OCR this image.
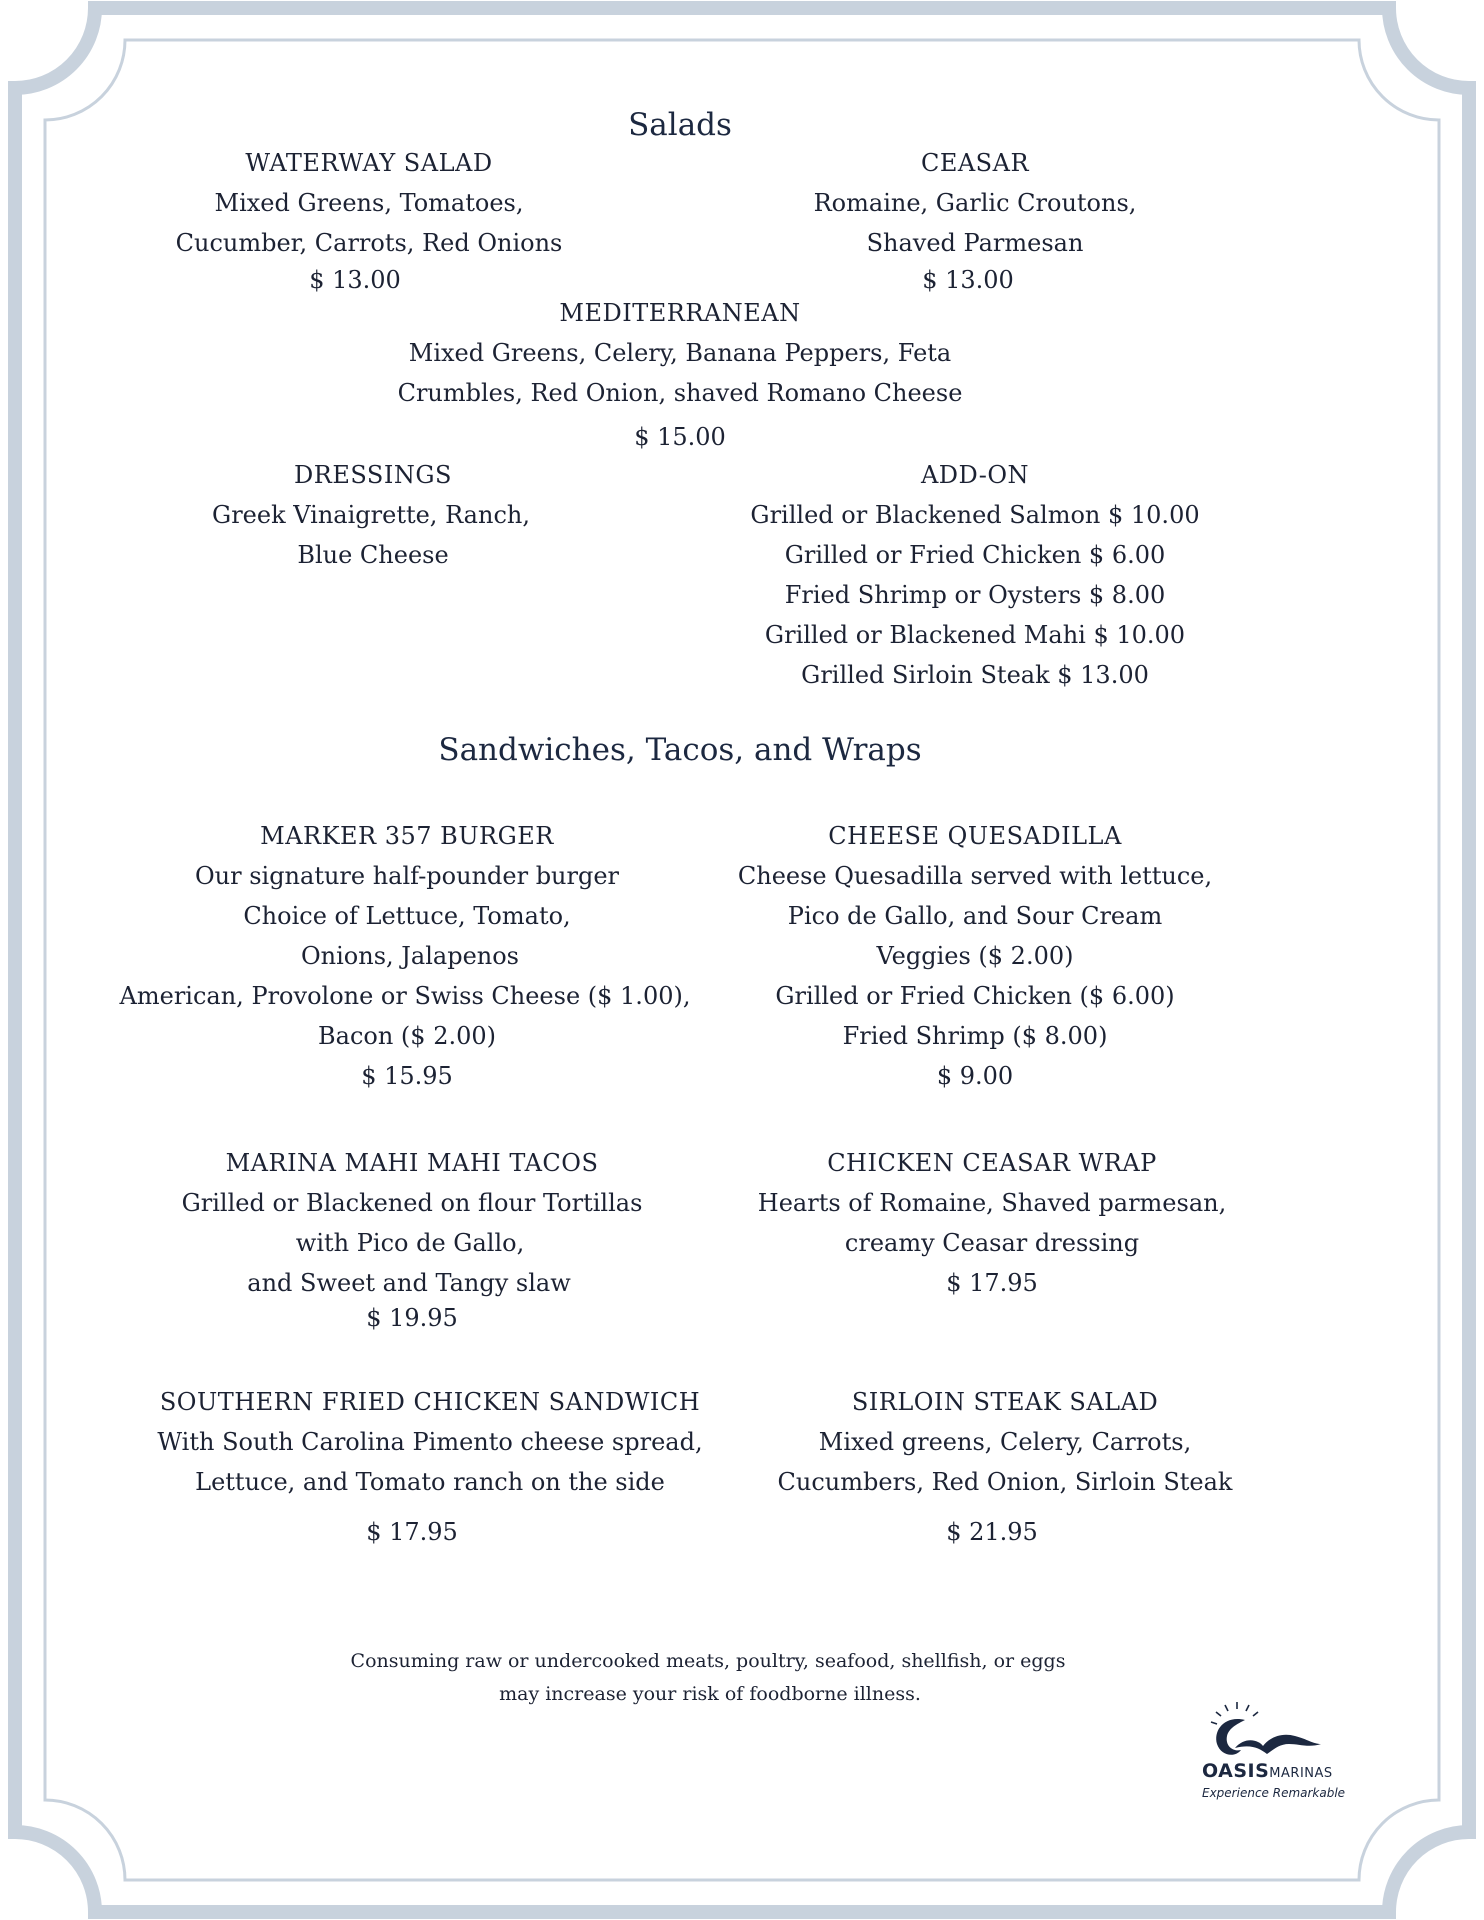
Salads
WATERWAY SALAD
Mixed Greens, Tomatoes,
Cucumber, Carrots, Red Onions
$ 13.00
CEASAR
Romaine, Garlic Croutons,
Shaved Parmesan
$ 13.00
MEDITERRANEAN
Mixed Greens, Celery, Banana Peppers, Feta
Crumbles, Red Onion, shaved Romano Cheese
$ 15.00
DRESSINGS
Greek Vinaigrette, Ranch,
Blue Cheese
ADD-ON
Grilled or Blackened Salmon $ 10.00
Grilled or Fried Chicken $ 6.00
Fried Shrimp or Oysters $ 8.00
Grilled or Blackened Mahi $ 10.00
Grilled Sirloin Steak $ 13.00
Sandwiches, Tacos, and Wraps
MARKER 357 BURGER
Our signature half-pounder burger
Choice of Lettuce, Tomato,
Onions, Jalapenos
American, Provolone or Swiss Cheese ($ 1.00),
Bacon ($ 2.00)
$ 15.95
CHEESE QUESADILLA
Cheese Quesadilla served with lettuce,
Pico de Gallo, and Sour Cream
Veggies ($ 2.00)
Grilled or Fried Chicken ($ 6.00)
Fried Shrimp ($ 8.00)
$ 9.00
MARINA MAHI MAHI TACOS
Grilled or Blackened on flour Tortillas
with Pico de Gallo,
and Sweet and Tangy slaw
$ 19.95
CHICKEN CEASAR WRAP
Hearts of Romaine, Shaved parmesan,
creamy Ceasar dressing
$ 17.95
SOUTHERN FRIED CHICKEN SANDWICH
With South Carolina Pimento cheese spread,
Lettuce, and Tomato ranch on the side
$ 17.95
SIRLOIN STEAK SALAD
Mixed greens, Celery, Carrots,
Cucumbers, Red Onion, Sirloin Steak
$ 21.95
Consuming raw or undercooked meats, poultry, seafood, shellfish, or eggs
may increase your risk of foodborne illness.
OASISMARINAS
Experience Remarkable
